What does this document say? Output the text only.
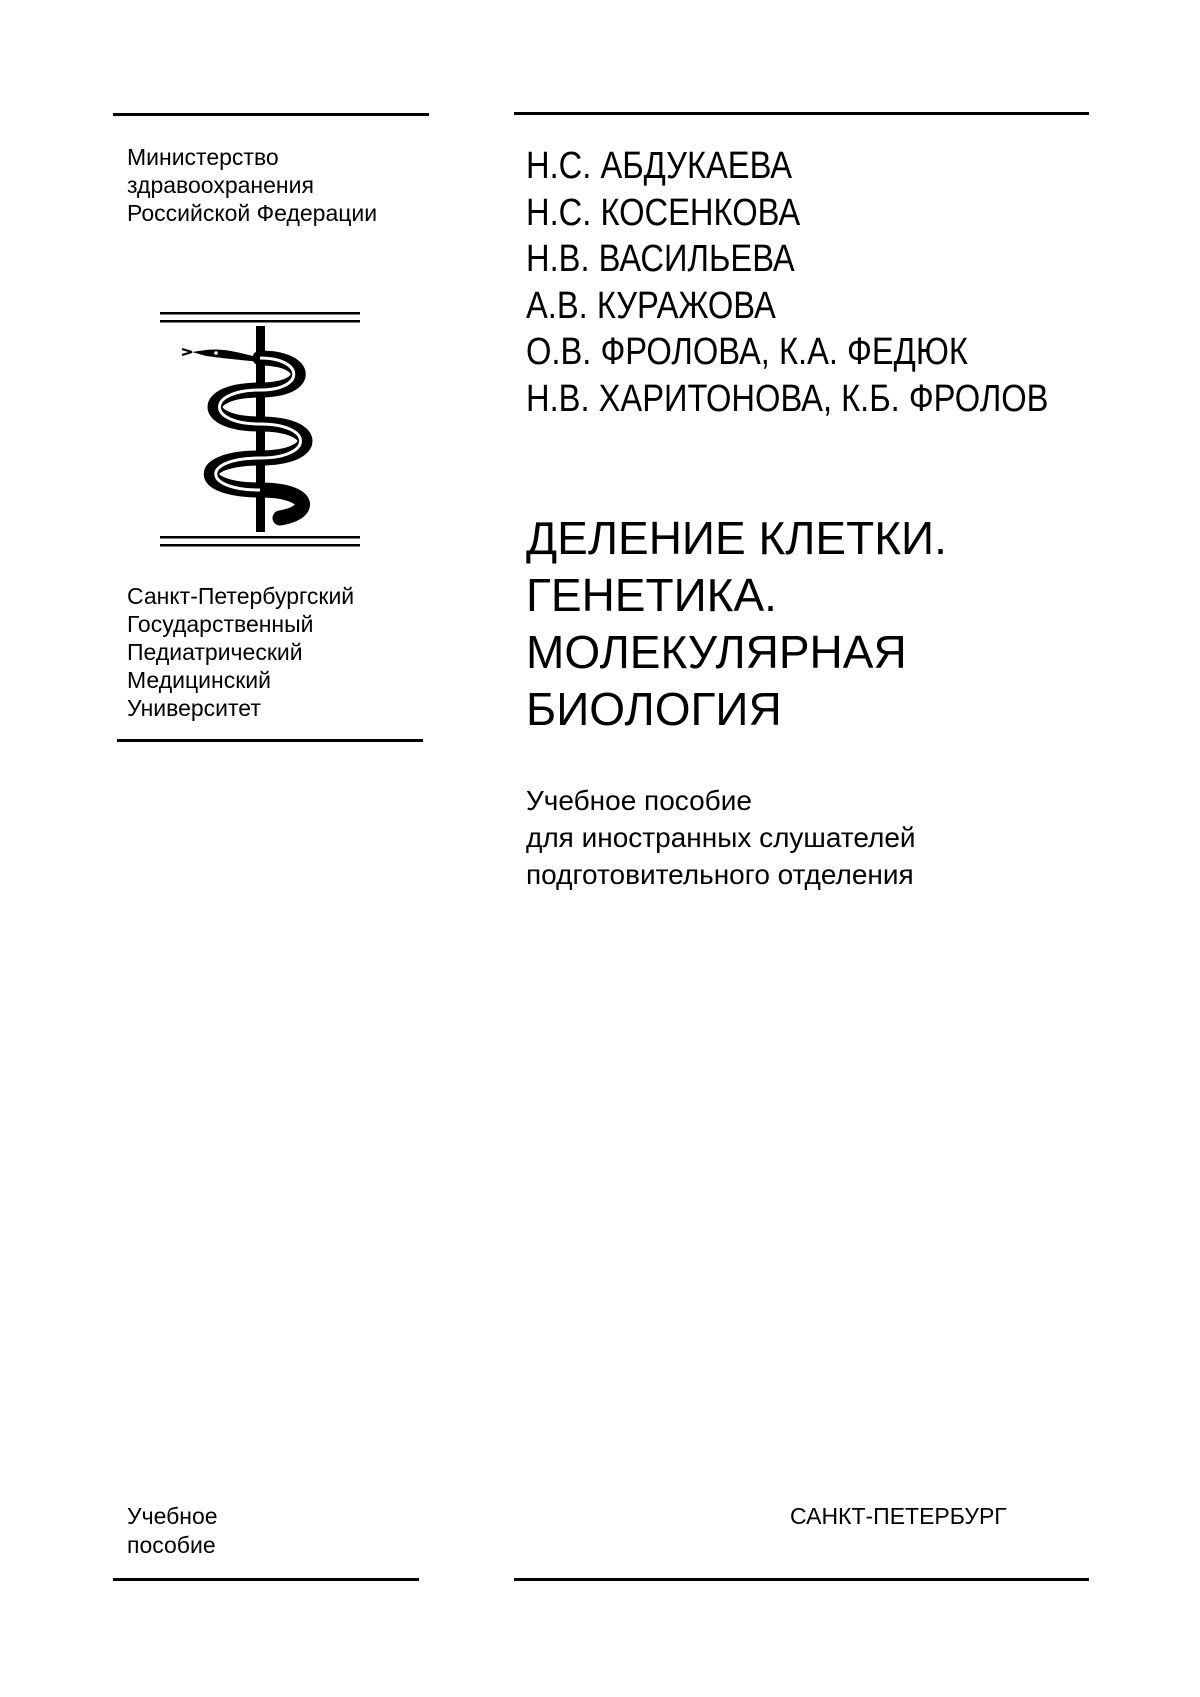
Министерство
здравоохранения
Российской Федерации
Санкт-Петербургский
Государственный
Педиатрический
Медицинский
Университет
Н.С. АБДУКАЕВА
Н.С. КОСЕНКОВА
Н.В. ВАСИЛЬЕВА
А.В. КУРАЖОВА
О.В. ФРОЛОВА, К.А. ФЕДЮК
Н.В. ХАРИТОНОВА, К.Б. ФРОЛОВ
ДЕЛЕНИЕ КЛЕТКИ.
ГЕНЕТИКА.
МОЛЕКУЛЯРНАЯ
БИОЛОГИЯ
Учебное пособие
для иностранных слушателей
подготовительного отделения
Учебное
пособие
САНКТ-ПЕТЕРБУРГ
